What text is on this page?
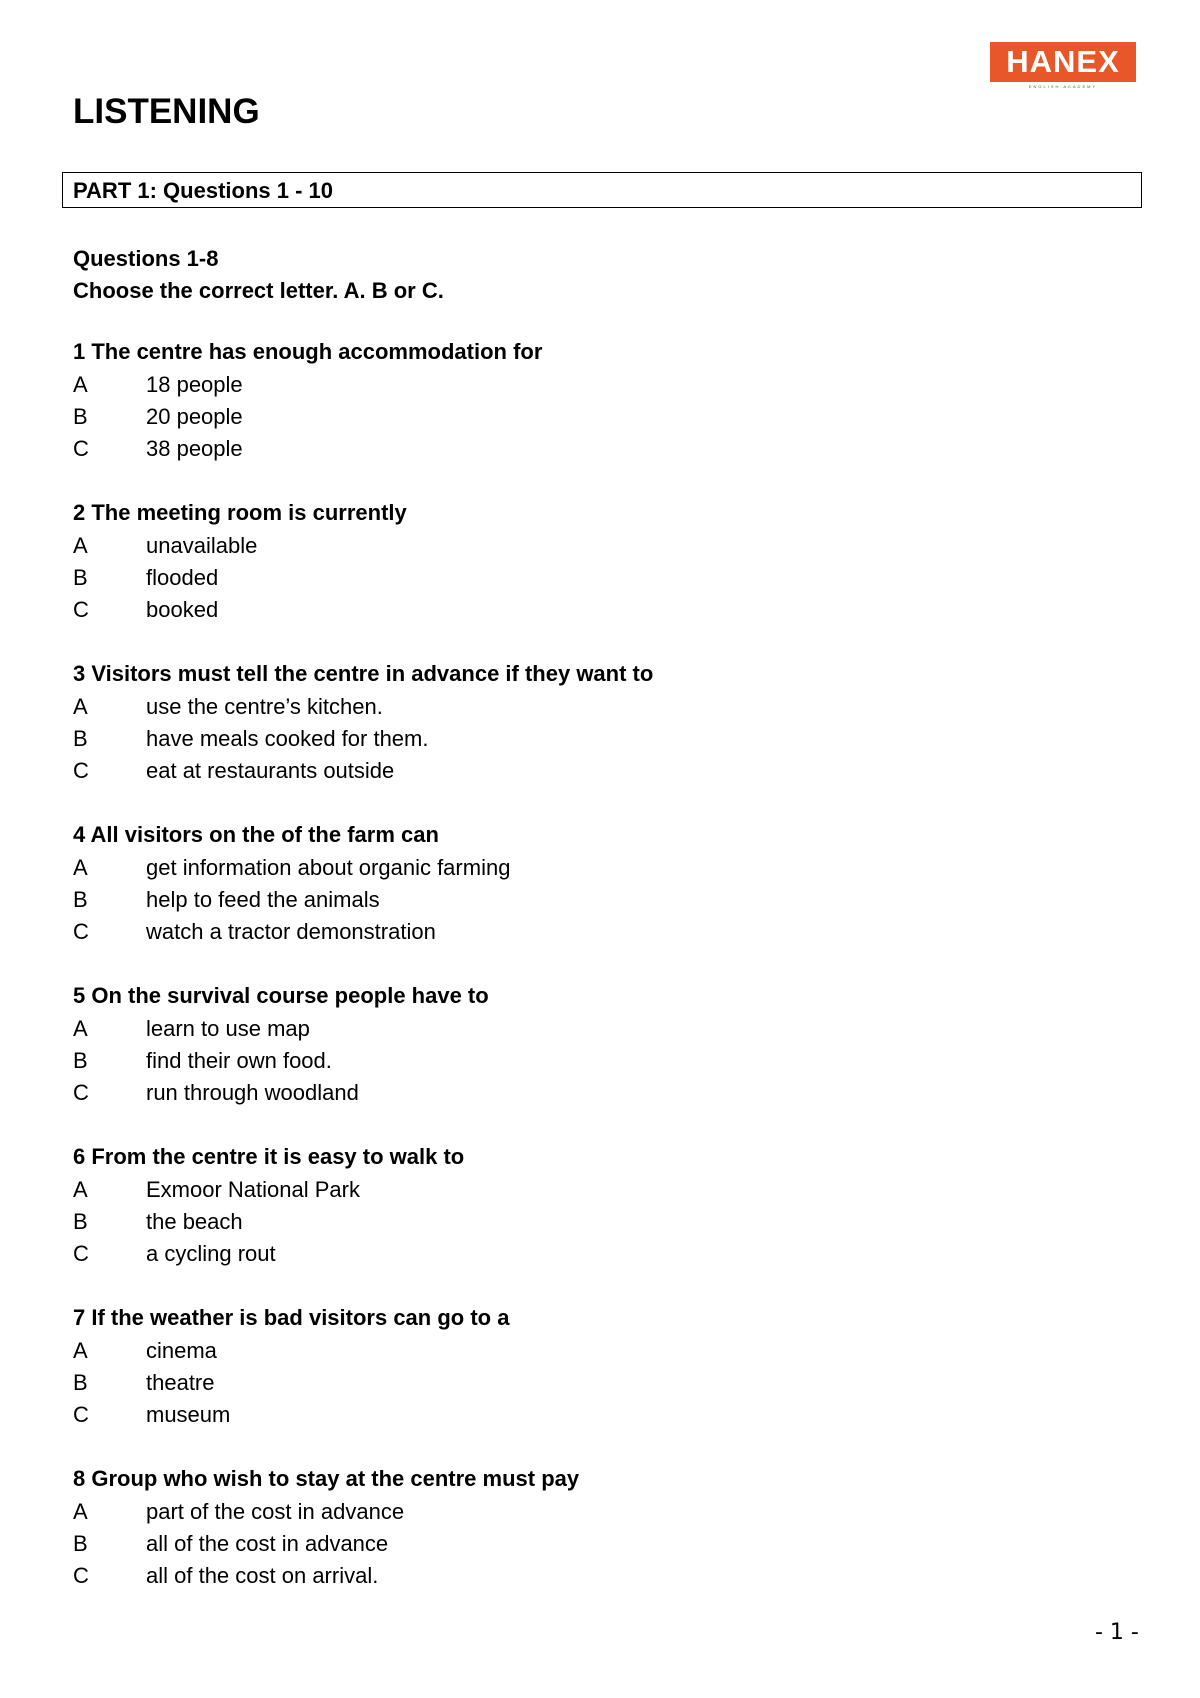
HANEX
ENGLISH ACADEMY
LISTENING
PART 1: Questions 1 - 10
Questions 1-8
Choose the correct letter. A. B or C.
1 The centre has enough accommodation for
A	18 people
B	20 people
C	38 people
2 The meeting room is currently
A	unavailable
B	flooded
C	booked
3 Visitors must tell the centre in advance if they want to
A	use the centre’s kitchen.
B	have meals cooked for them.
C	eat at restaurants outside
4 All visitors on the of the farm can
A	get information about organic farming
B	help to feed the animals
C	watch a tractor demonstration
5 On the survival course people have to
A	learn to use map
B	find their own food.
C	run through woodland
6 From the centre it is easy to walk to
A	Exmoor National Park
B	the beach
C	a cycling rout
7 If the weather is bad visitors can go to a
A	cinema
B	theatre
C	museum
8 Group who wish to stay at the centre must pay
A	part of the cost in advance
B	all of the cost in advance
C	all of the cost on arrival.
- 1 -
